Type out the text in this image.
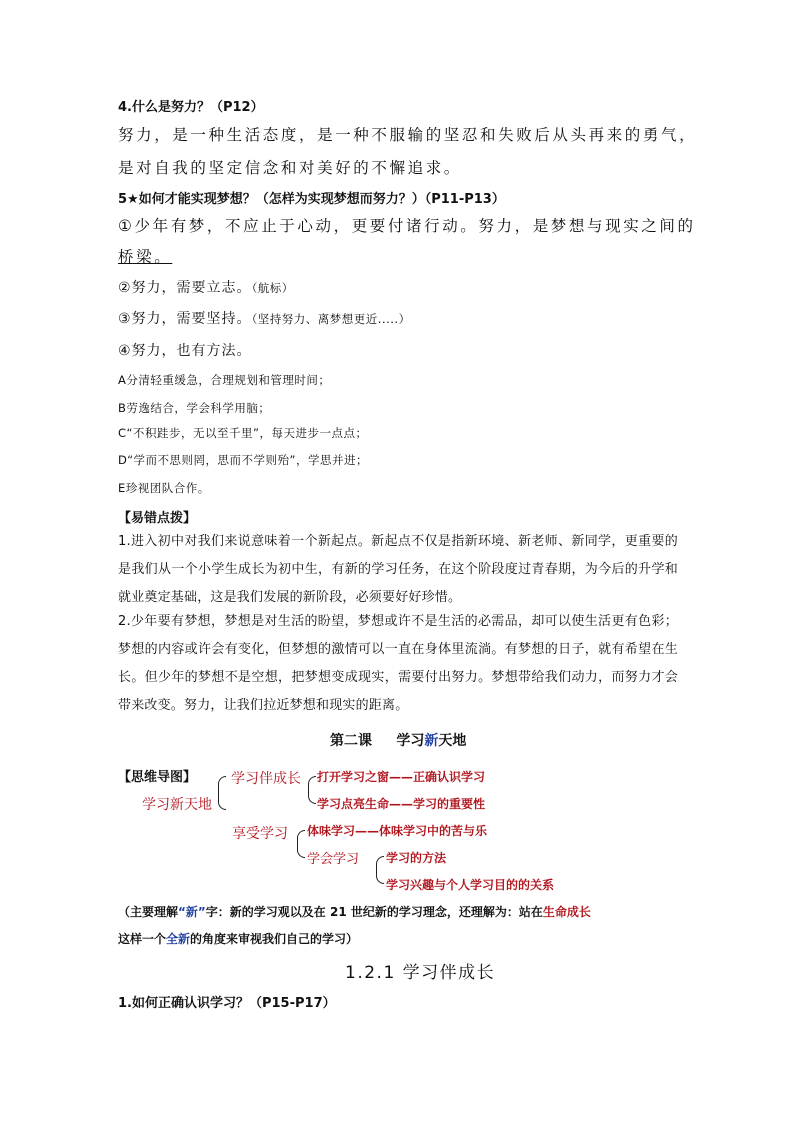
4.什么是努力？（P12）
努力，是一种生活态度，是一种不服输的坚忍和失败后从头再来的勇气，
是对自我的坚定信念和对美好的不懈追求。
5★如何才能实现梦想？（怎样为实现梦想而努力？）（P11-P13）
①少年有梦，不应止于心动，更要付诸行动。努力，是梦想与现实之间的
桥梁。
②努力，需要立志。（航标）
③努力，需要坚持。（坚持努力、离梦想更近.....）
④努力，也有方法。
A分清轻重缓急，合理规划和管理时间；
B劳逸结合，学会科学用脑；
C“不积跬步，无以至千里”，每天进步一点点；
D“学而不思则罔，思而不学则殆”，学思并进；
E珍视团队合作。
【易错点拨】
1.进入初中对我们来说意味着一个新起点。新起点不仅是指新环境、新老师、新同学，更重要的是我们从一个小学生成长为初中生，有新的学习任务，在这个阶段度过青春期，为今后的升学和就业奠定基础，这是我们发展的新阶段，必须要好好珍惜。
2.少年要有梦想，梦想是对生活的盼望，梦想或许不是生活的必需品，却可以使生活更有色彩；梦想的内容或许会有变化，但梦想的激情可以一直在身体里流淌。有梦想的日子，就有希望在生长。但少年的梦想不是空想，把梦想变成现实，需要付出努力。梦想带给我们动力，而努力才会带来改变。努力，让我们拉近梦想和现实的距离。
第二课     学习新天地
【思维导图】
学习新天地
学习伴成长 打开学习之窗——正确认识学习
学习点亮生命——学习的重要性
享受学习 体味学习——体味学习中的苦与乐
学会学习 学习的方法
学习兴趣与个人学习目的的关系
（主要理解“新”字：新的学习观以及在 21 世纪新的学习理念，还理解为：站在生命成长
这样一个全新的角度来审视我们自己的学习）
1.2.1 学习伴成长
1.如何正确认识学习？（P15-P17）
